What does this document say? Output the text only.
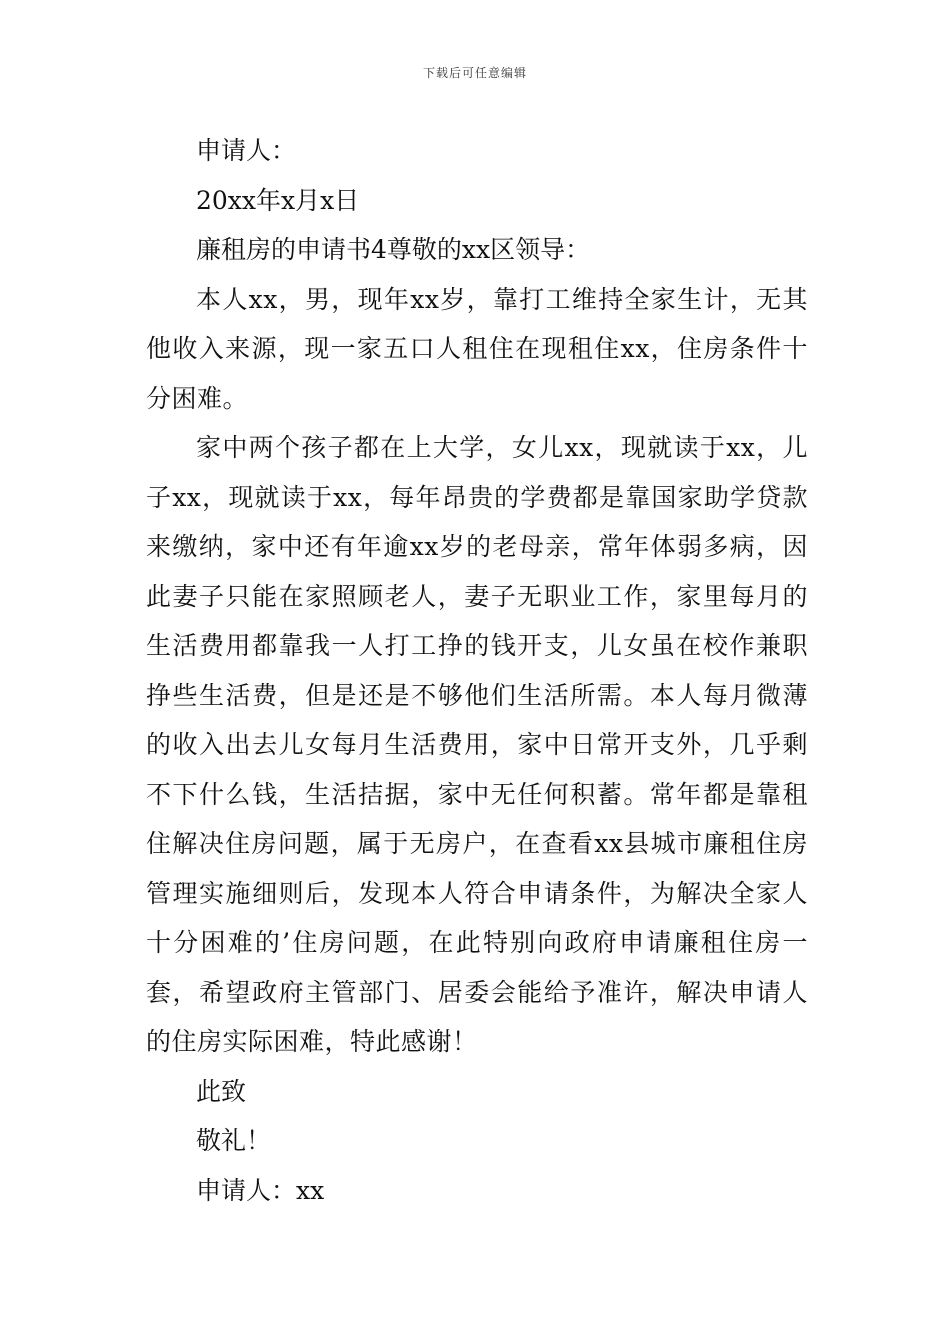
下载后可任意编辑

申请人：

20xx年x月x日

廉租房的申请书4尊敬的xx区领导：

本人xx，男，现年xx岁，靠打工维持全家生计，无其他收入来源，现一家五口人租住在现租住xx，住房条件十分困难。

家中两个孩子都在上大学，女儿xx，现就读于xx，儿子xx，现就读于xx，每年昂贵的学费都是靠国家助学贷款来缴纳，家中还有年逾xx岁的老母亲，常年体弱多病，因此妻子只能在家照顾老人，妻子无职业工作，家里每月的生活费用都靠我一人打工挣的钱开支，儿女虽在校作兼职挣些生活费，但是还是不够他们生活所需。本人每月微薄的收入出去儿女每月生活费用，家中日常开支外，几乎剩不下什么钱，生活拮据，家中无任何积蓄。常年都是靠租住解决住房问题，属于无房户，在查看xx县城市廉租住房管理实施细则后，发现本人符合申请条件，为解决全家人十分困难的’住房问题，在此特别向政府申请廉租住房一套，希望政府主管部门、居委会能给予准许，解决申请人的住房实际困难，特此感谢！

此致

敬礼！

申请人：xx
